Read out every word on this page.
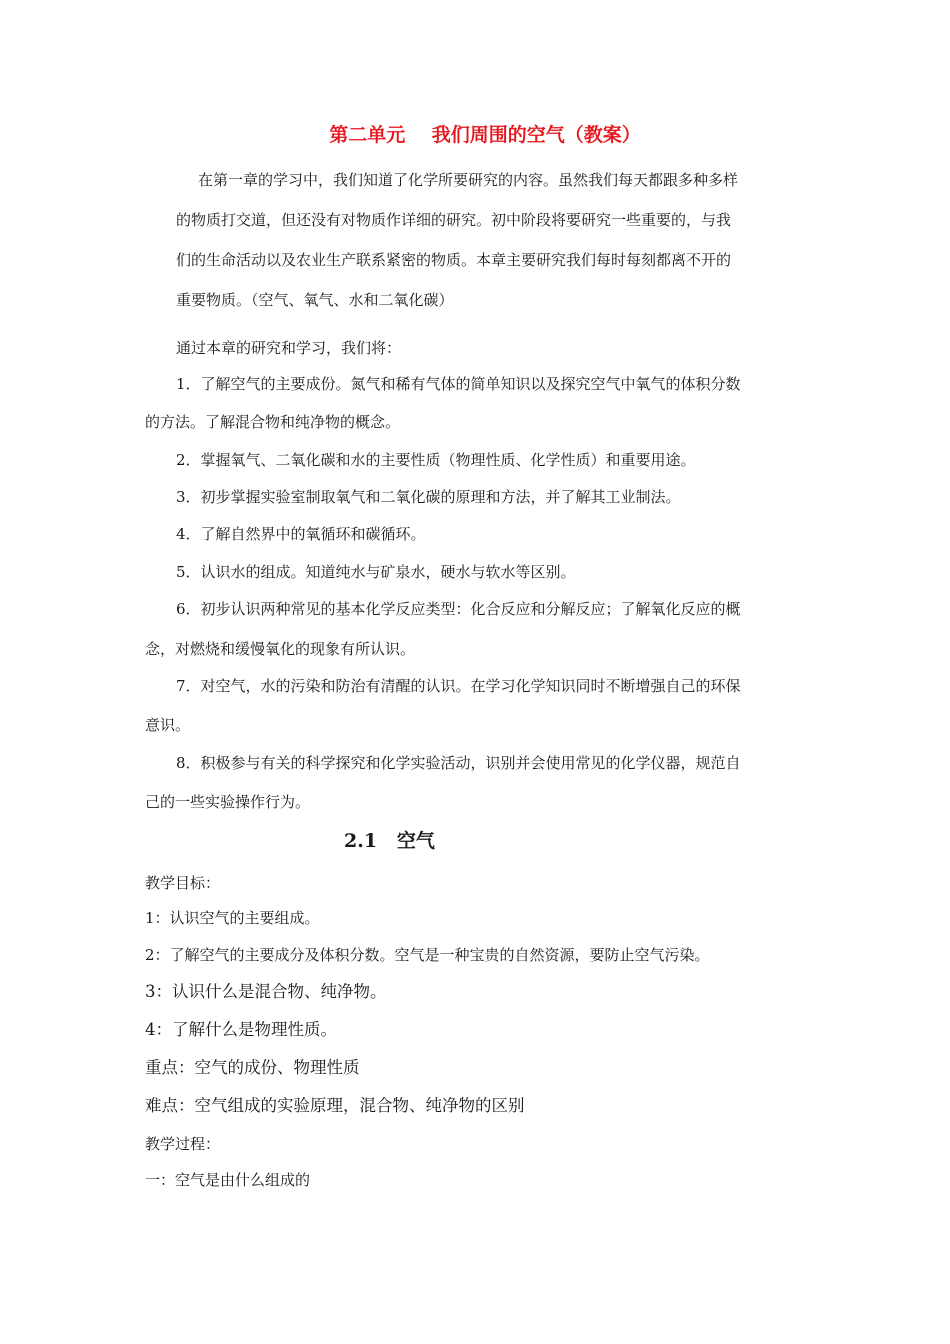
第二单元    我们周围的空气（教案）
在第一章的学习中，我们知道了化学所要研究的内容。虽然我们每天都跟多种多样
的物质打交道，但还没有对物质作详细的研究。初中阶段将要研究一些重要的，与我
们的生命活动以及农业生产联系紧密的物质。本章主要研究我们每时每刻都离不开的
重要物质。（空气、氧气、水和二氧化碳）
通过本章的研究和学习，我们将：
1．了解空气的主要成份。氮气和稀有气体的简单知识以及探究空气中氧气的体积分数
的方法。了解混合物和纯净物的概念。
2．掌握氧气、二氧化碳和水的主要性质（物理性质、化学性质）和重要用途。
3．初步掌握实验室制取氧气和二氧化碳的原理和方法，并了解其工业制法。
4．了解自然界中的氧循环和碳循环。
5．认识水的组成。知道纯水与矿泉水，硬水与软水等区别。
6．初步认识两种常见的基本化学反应类型：化合反应和分解反应；了解氧化反应的概
念，对燃烧和缓慢氧化的现象有所认识。
7．对空气，水的污染和防治有清醒的认识。在学习化学知识同时不断增强自己的环保
意识。
8．积极参与有关的科学探究和化学实验活动，识别并会使用常见的化学仪器，规范自
己的一些实验操作行为。
2.1   空气
教学目标：
1：认识空气的主要组成。
2：了解空气的主要成分及体积分数。空气是一种宝贵的自然资源，要防止空气污染。
3：认识什么是混合物、纯净物。
4：了解什么是物理性质。
重点：空气的成份、物理性质
难点：空气组成的实验原理，混合物、纯净物的区别
教学过程：
一：空气是由什么组成的
